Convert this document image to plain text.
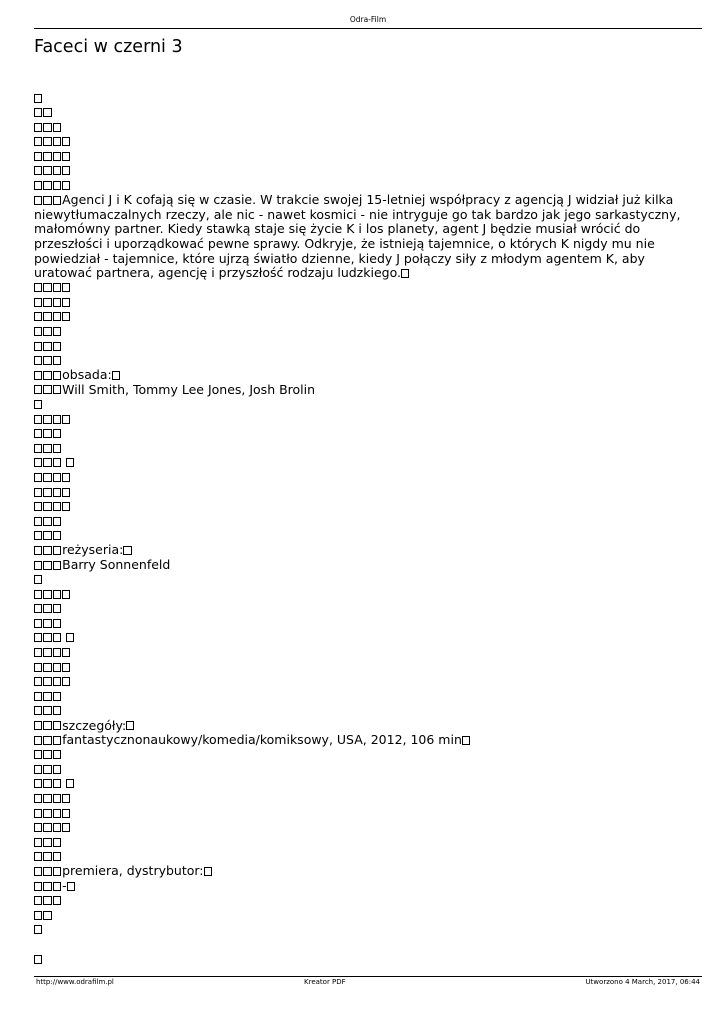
Odra-Film
Faceci w czerni 3
Agenci J i K cofają się w czasie. W trakcie swojej 15-letniej współpracy z agencją J widział już kilka niewytłumaczalnych rzeczy, ale nic - nawet kosmici - nie intryguje go tak bardzo jak jego sarkastyczny, małomówny partner. Kiedy stawką staje się życie K i los planety, agent J będzie musiał wrócić do przeszłości i uporządkować pewne sprawy. Odkryje, że istnieją tajemnice, o których K nigdy mu nie powiedział - tajemnice, które ujrzą światło dzienne, kiedy J połączy siły z młodym agentem K, aby uratować partnera, agencję i przyszłość rodzaju ludzkiego.
obsada:
Will Smith, Tommy Lee Jones, Josh Brolin
reżyseria:
Barry Sonnenfeld
szczegóły:
fantastycznonaukowy/komedia/komiksowy, USA, 2012, 106 min
premiera, dystrybutor:
-
http://www.odrafilm.pl	Kreator PDF	Utworzono 4 March, 2017, 06:44
